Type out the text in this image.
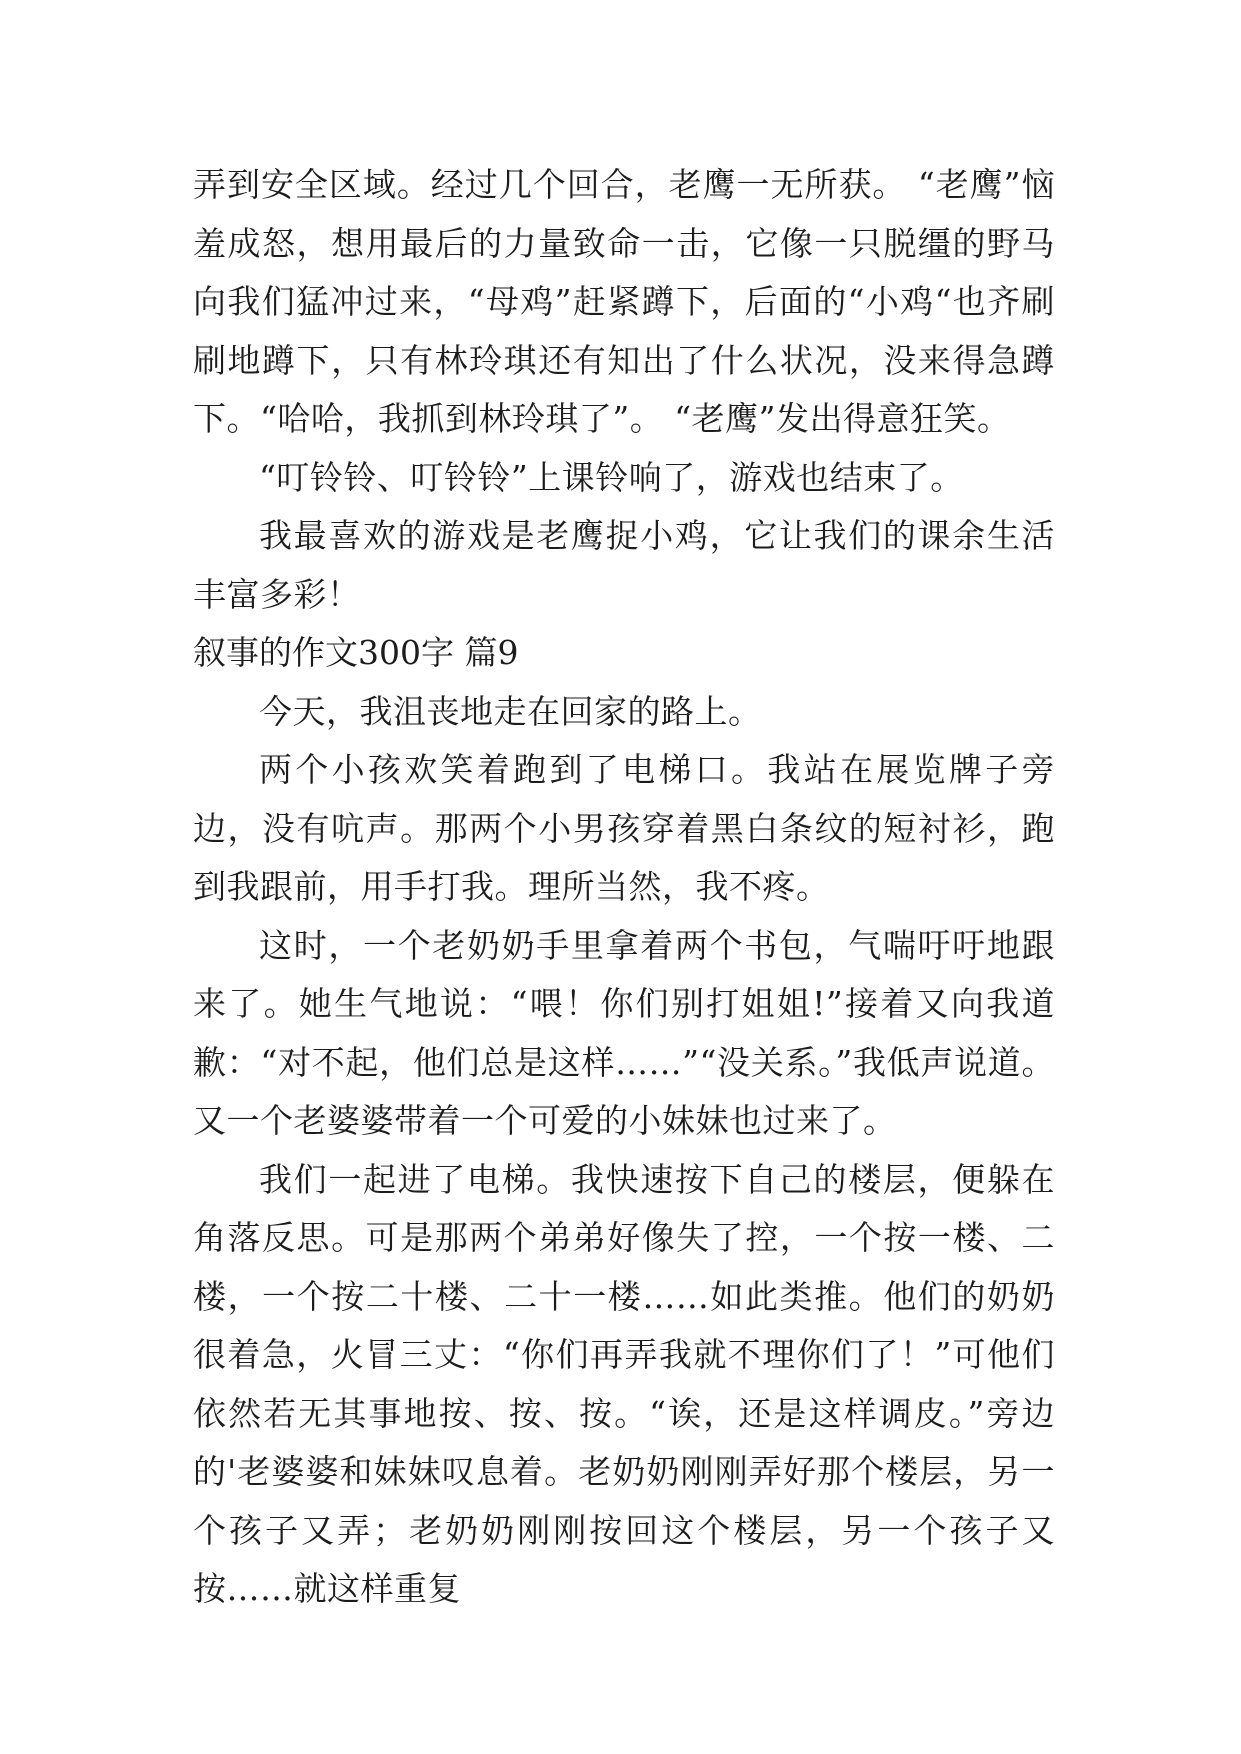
弄到安全区域。经过几个回合，老鹰一无所获。 “老鹰”恼羞成怒，想用最后的力量致命一击，它像一只脱缰的野马向我们猛冲过来，“母鸡”赶紧蹲下，后面的“小鸡“也齐刷刷地蹲下，只有林玲琪还有知出了什么状况，没来得急蹲下。“哈哈，我抓到林玲琪了”。 “老鹰”发出得意狂笑。

“叮铃铃、叮铃铃”上课铃响了，游戏也结束了。

我最喜欢的游戏是老鹰捉小鸡，它让我们的课余生活丰富多彩！

叙事的作文300字 篇9

今天，我沮丧地走在回家的路上。

两个小孩欢笑着跑到了电梯口。我站在展览牌子旁边，没有吭声。那两个小男孩穿着黑白条纹的短衬衫，跑到我跟前，用手打我。理所当然，我不疼。

这时，一个老奶奶手里拿着两个书包，气喘吁吁地跟来了。她生气地说：“喂！你们别打姐姐!”接着又向我道歉：“对不起，他们总是这样……”“没关系。”我低声说道。又一个老婆婆带着一个可爱的小妹妹也过来了。

我们一起进了电梯。我快速按下自己的楼层，便躲在角落反思。可是那两个弟弟好像失了控，一个按一楼、二楼，一个按二十楼、二十一楼……如此类推。他们的奶奶很着急，火冒三丈：“你们再弄我就不理你们了！”可他们依然若无其事地按、按、按。“诶，还是这样调皮。”旁边的'老婆婆和妹妹叹息着。老奶奶刚刚弄好那个楼层，另一个孩子又弄；老奶奶刚刚按回这个楼层，另一个孩子又按……就这样重复
